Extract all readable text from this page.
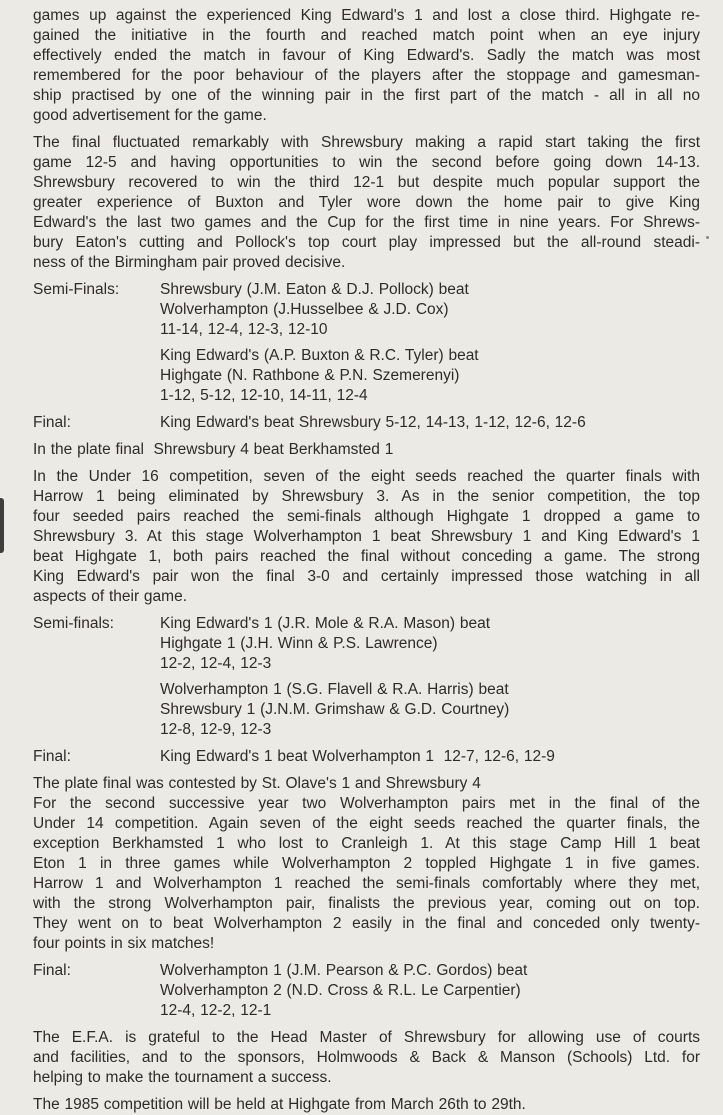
games up against the experienced King Edward's 1 and lost a close third. Highgate re-
gained the initiative in the fourth and reached match point when an eye injury
effectively ended the match in favour of King Edward's. Sadly the match was most
remembered for the poor behaviour of the players after the stoppage and gamesman-
ship practised by one of the winning pair in the first part of the match - all in all no
good advertisement for the game.
The final fluctuated remarkably with Shrewsbury making a rapid start taking the first
game 12-5 and having opportunities to win the second before going down 14-13.
Shrewsbury recovered to win the third 12-1 but despite much popular support the
greater experience of Buxton and Tyler wore down the home pair to give King
Edward's the last two games and the Cup for the first time in nine years. For Shrews-
bury Eaton's cutting and Pollock's top court play impressed but the all-round steadi-
ness of the Birmingham pair proved decisive.
Semi-Finals:	Shrewsbury (J.M. Eaton & D.J. Pollock) beat
Wolverhampton (J.Husselbee & J.D. Cox)
11-14, 12-4, 12-3, 12-10
King Edward's (A.P. Buxton & R.C. Tyler) beat
Highgate (N. Rathbone & P.N. Szemerenyi)
1-12, 5-12, 12-10, 14-11, 12-4
Final:	King Edward's beat Shrewsbury 5-12, 14-13, 1-12, 12-6, 12-6
In the plate final  Shrewsbury 4 beat Berkhamsted 1
In the Under 16 competition, seven of the eight seeds reached the quarter finals with
Harrow 1 being eliminated by Shrewsbury 3. As in the senior competition, the top
four seeded pairs reached the semi-finals although Highgate 1 dropped a game to
Shrewsbury 3. At this stage Wolverhampton 1 beat Shrewsbury 1 and King Edward's 1
beat Highgate 1, both pairs reached the final without conceding a game. The strong
King Edward's pair won the final 3-0 and certainly impressed those watching in all
aspects of their game.
Semi-finals:	King Edward's 1 (J.R. Mole & R.A. Mason) beat
Highgate 1 (J.H. Winn & P.S. Lawrence)
12-2, 12-4, 12-3
Wolverhampton 1 (S.G. Flavell & R.A. Harris) beat
Shrewsbury 1 (J.N.M. Grimshaw & G.D. Courtney)
12-8, 12-9, 12-3
Final:	King Edward's 1 beat Wolverhampton 1  12-7, 12-6, 12-9
The plate final was contested by St. Olave's 1 and Shrewsbury 4
For the second successive year two Wolverhampton pairs met in the final of the
Under 14 competition. Again seven of the eight seeds reached the quarter finals, the
exception Berkhamsted 1 who lost to Cranleigh 1. At this stage Camp Hill 1 beat
Eton 1 in three games while Wolverhampton 2 toppled Highgate 1 in five games.
Harrow 1 and Wolverhampton 1 reached the semi-finals comfortably where they met,
with the strong Wolverhampton pair, finalists the previous year, coming out on top.
They went on to beat Wolverhampton 2 easily in the final and conceded only twenty-
four points in six matches!
Final:	Wolverhampton 1 (J.M. Pearson & P.C. Gordos) beat
Wolverhampton 2 (N.D. Cross & R.L. Le Carpentier)
12-4, 12-2, 12-1
The E.F.A. is grateful to the Head Master of Shrewsbury for allowing use of courts
and facilities, and to the sponsors, Holmwoods & Back & Manson (Schools) Ltd. for
helping to make the tournament a success.
The 1985 competition will be held at Highgate from March 26th to 29th.
